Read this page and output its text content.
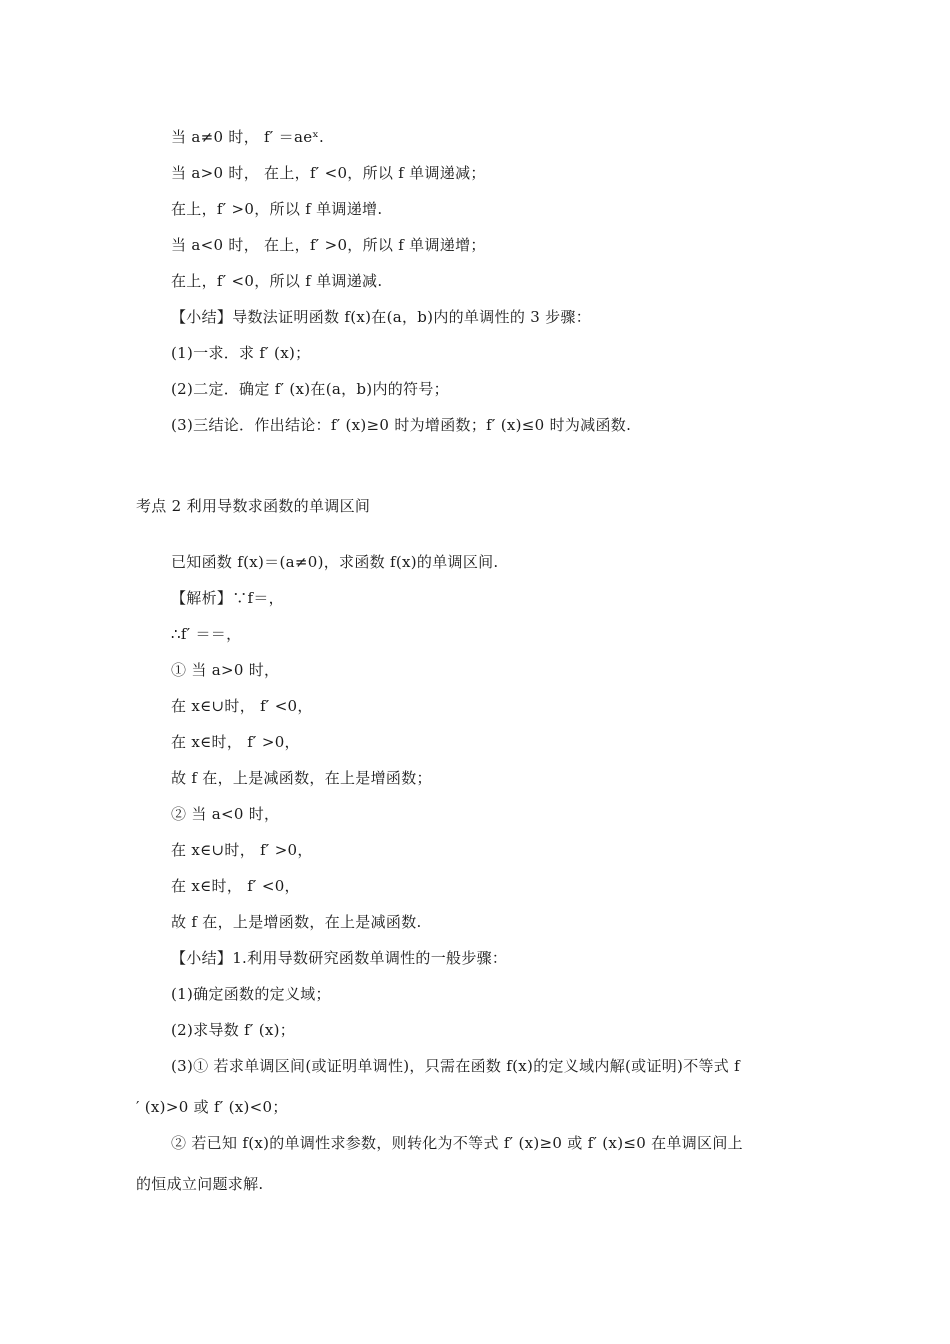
当 a≠0 时， f′ ＝aeˣ.
当 a>0 时， 在上，f′ <0，所以 f 单调递减；
在上，f′ >0，所以 f 单调递增.
当 a<0 时， 在上，f′ >0，所以 f 单调递增；
在上，f′ <0，所以 f 单调递减.
【小结】导数法证明函数 f(x)在(a，b)内的单调性的 3 步骤：
(1)一求．求 f′ (x)；
(2)二定．确定 f′ (x)在(a，b)内的符号；
(3)三结论．作出结论：f′ (x)≥0 时为增函数；f′ (x)≤0 时为减函数.
考点 2 利用导数求函数的单调区间
已知函数 f(x)＝(a≠0)，求函数 f(x)的单调区间.
【解析】∵f＝，
∴f′ ＝＝，
① 当 a>0 时，
在 x∈∪时， f′ <0，
在 x∈时， f′ >0，
故 f 在，上是减函数，在上是增函数；
② 当 a<0 时，
在 x∈∪时， f′ >0，
在 x∈时， f′ <0，
故 f 在，上是增函数，在上是减函数.
【小结】1.利用导数研究函数单调性的一般步骤：
(1)确定函数的定义域；
(2)求导数 f′ (x)；
(3)① 若求单调区间(或证明单调性)，只需在函数 f(x)的定义域内解(或证明)不等式 f
′ (x)>0 或 f′ (x)<0；
② 若已知 f(x)的单调性求参数，则转化为不等式 f′ (x)≥0 或 f′ (x)≤0 在单调区间上
的恒成立问题求解.
